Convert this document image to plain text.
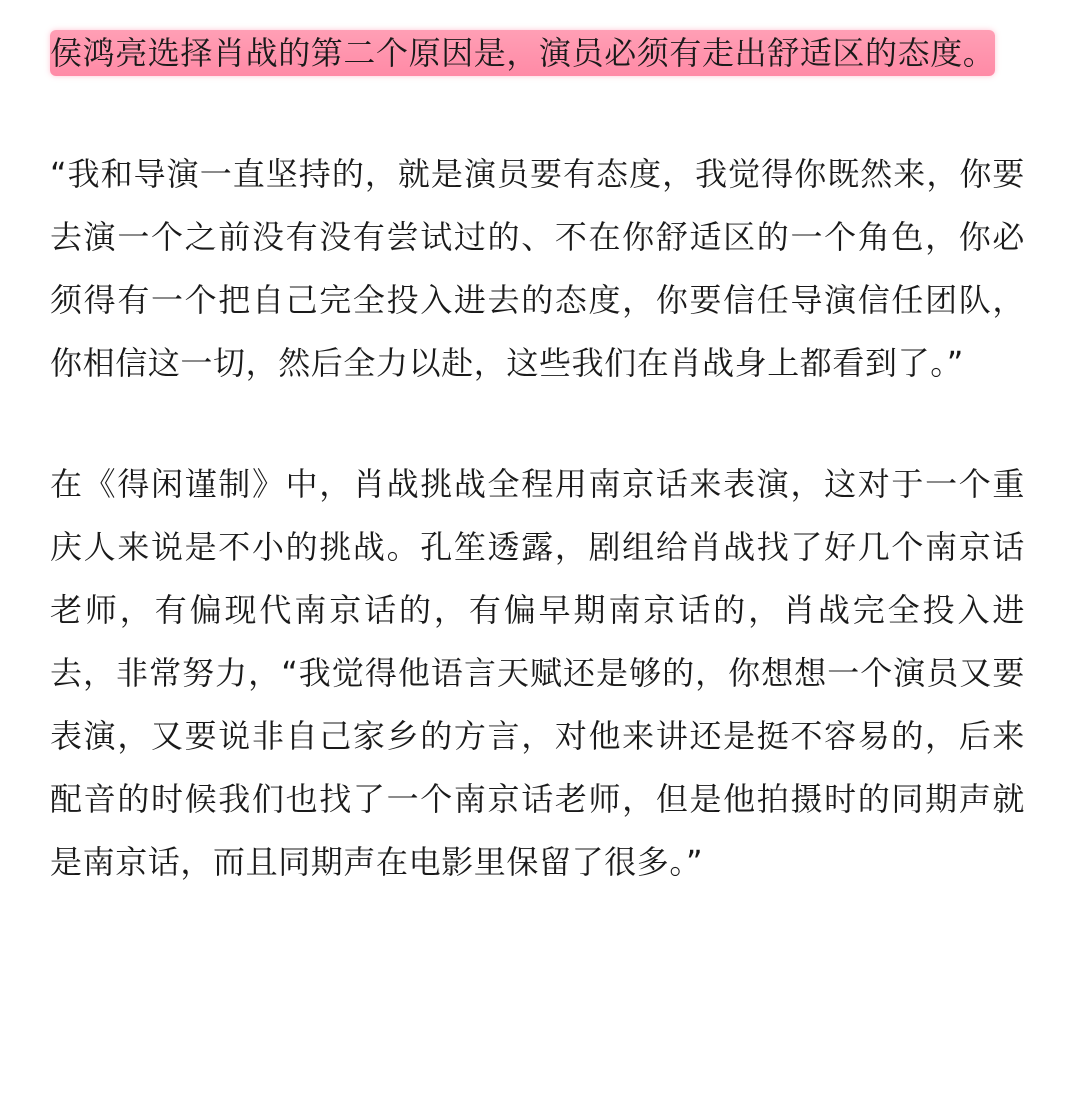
侯鸿亮选择肖战的第二个原因是，演员必须有走出舒适区的态度。

“我和导演一直坚持的，就是演员要有态度，我觉得你既然来，你要去演一个之前没有没有尝试过的、不在你舒适区的一个角色，你必须得有一个把自己完全投入进去的态度，你要信任导演信任团队，你相信这一切，然后全力以赴，这些我们在肖战身上都看到了。”

在《得闲谨制》中，肖战挑战全程用南京话来表演，这对于一个重庆人来说是不小的挑战。孔笙透露，剧组给肖战找了好几个南京话老师，有偏现代南京话的，有偏早期南京话的，肖战完全投入进去，非常努力，“我觉得他语言天赋还是够的，你想想一个演员又要表演，又要说非自己家乡的方言，对他来讲还是挺不容易的，后来配音的时候我们也找了一个南京话老师，但是他拍摄时的同期声就是南京话，而且同期声在电影里保留了很多。”
